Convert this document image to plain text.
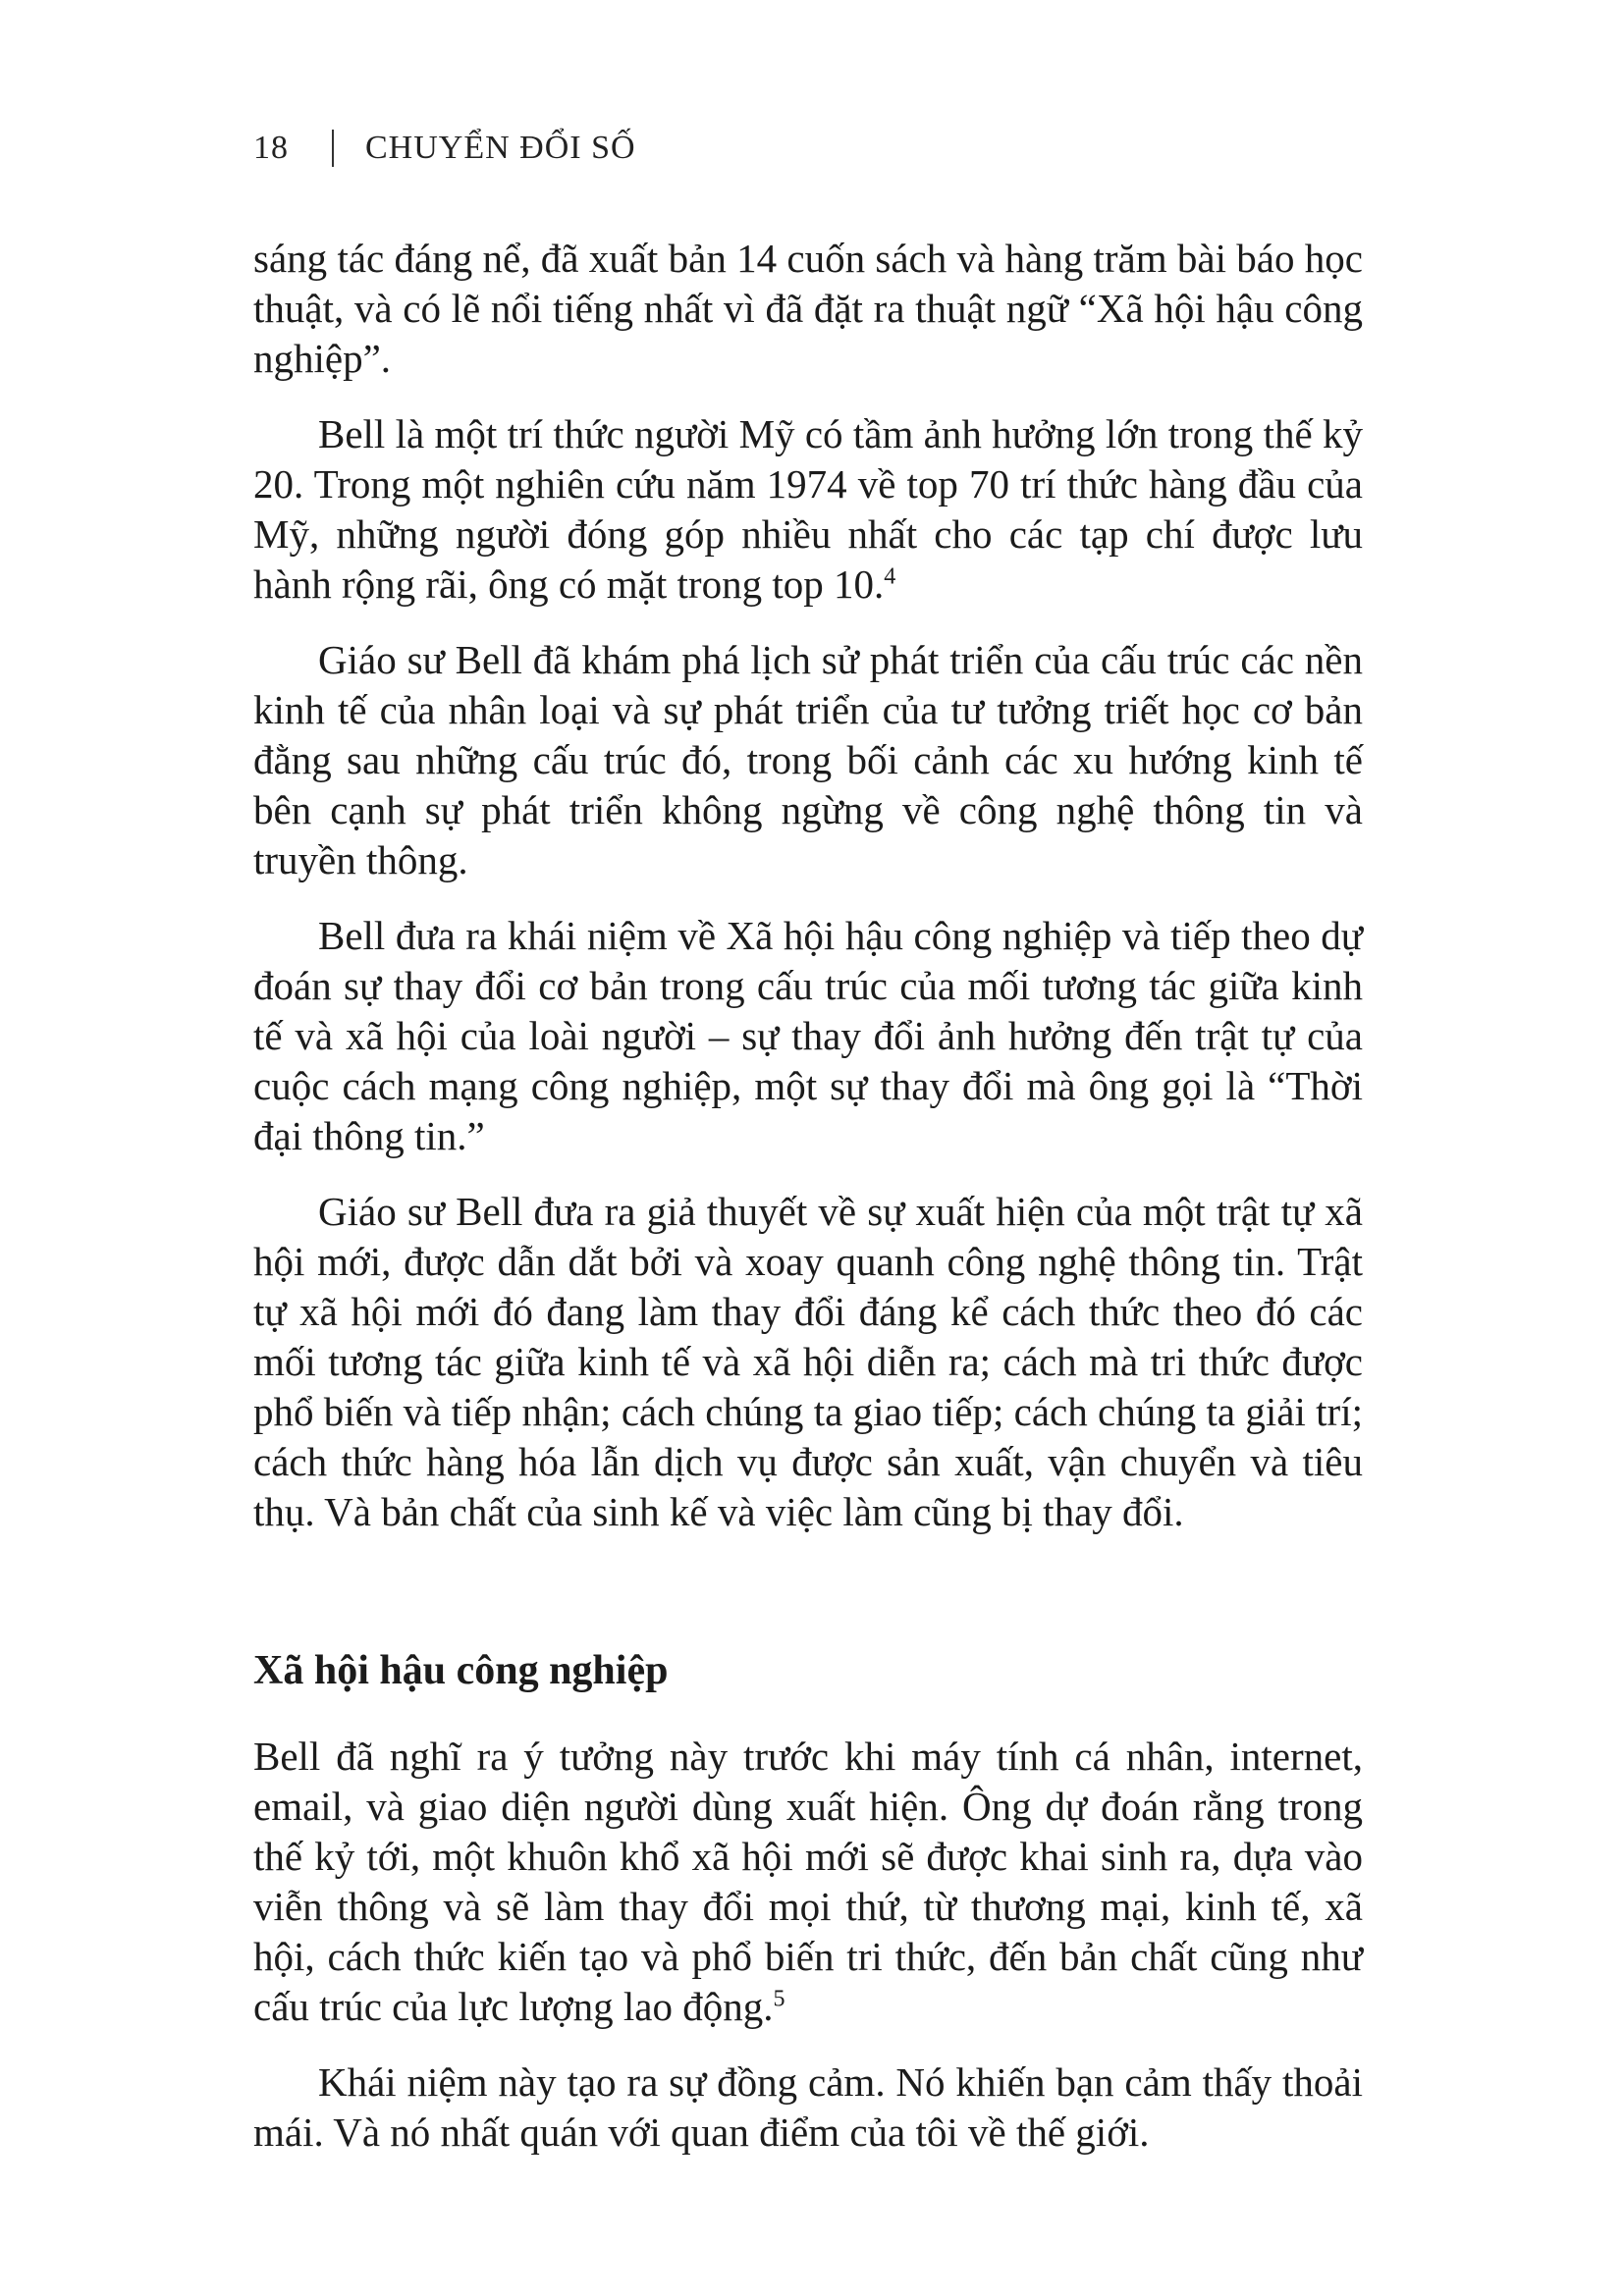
18	CHUYỂN ĐỔI SỐ

sáng tác đáng nể, đã xuất bản 14 cuốn sách và hàng trăm bài báo học thuật, và có lẽ nổi tiếng nhất vì đã đặt ra thuật ngữ “Xã hội hậu công nghiệp”.

Bell là một trí thức người Mỹ có tầm ảnh hưởng lớn trong thế kỷ 20. Trong một nghiên cứu năm 1974 về top 70 trí thức hàng đầu của Mỹ, những người đóng góp nhiều nhất cho các tạp chí được lưu hành rộng rãi, ông có mặt trong top 10.$^4$

Giáo sư Bell đã khám phá lịch sử phát triển của cấu trúc các nền kinh tế của nhân loại và sự phát triển của tư tưởng triết học cơ bản đằng sau những cấu trúc đó, trong bối cảnh các xu hướng kinh tế bên cạnh sự phát triển không ngừng về công nghệ thông tin và truyền thông.

Bell đưa ra khái niệm về Xã hội hậu công nghiệp và tiếp theo dự đoán sự thay đổi cơ bản trong cấu trúc của mối tương tác giữa kinh tế và xã hội của loài người – sự thay đổi ảnh hưởng đến trật tự của cuộc cách mạng công nghiệp, một sự thay đổi mà ông gọi là “Thời đại thông tin.”

Giáo sư Bell đưa ra giả thuyết về sự xuất hiện của một trật tự xã hội mới, được dẫn dắt bởi và xoay quanh công nghệ thông tin. Trật tự xã hội mới đó đang làm thay đổi đáng kể cách thức theo đó các mối tương tác giữa kinh tế và xã hội diễn ra; cách mà tri thức được phổ biến và tiếp nhận; cách chúng ta giao tiếp; cách chúng ta giải trí; cách thức hàng hóa lẫn dịch vụ được sản xuất, vận chuyển và tiêu thụ. Và bản chất của sinh kế và việc làm cũng bị thay đổi.

Xã hội hậu công nghiệp

Bell đã nghĩ ra ý tưởng này trước khi máy tính cá nhân, internet, email, và giao diện người dùng xuất hiện. Ông dự đoán rằng trong thế kỷ tới, một khuôn khổ xã hội mới sẽ được khai sinh ra, dựa vào viễn thông và sẽ làm thay đổi mọi thứ, từ thương mại, kinh tế, xã hội, cách thức kiến tạo và phổ biến tri thức, đến bản chất cũng như cấu trúc của lực lượng lao động.$^5$

Khái niệm này tạo ra sự đồng cảm. Nó khiến bạn cảm thấy thoải mái. Và nó nhất quán với quan điểm của tôi về thế giới.
